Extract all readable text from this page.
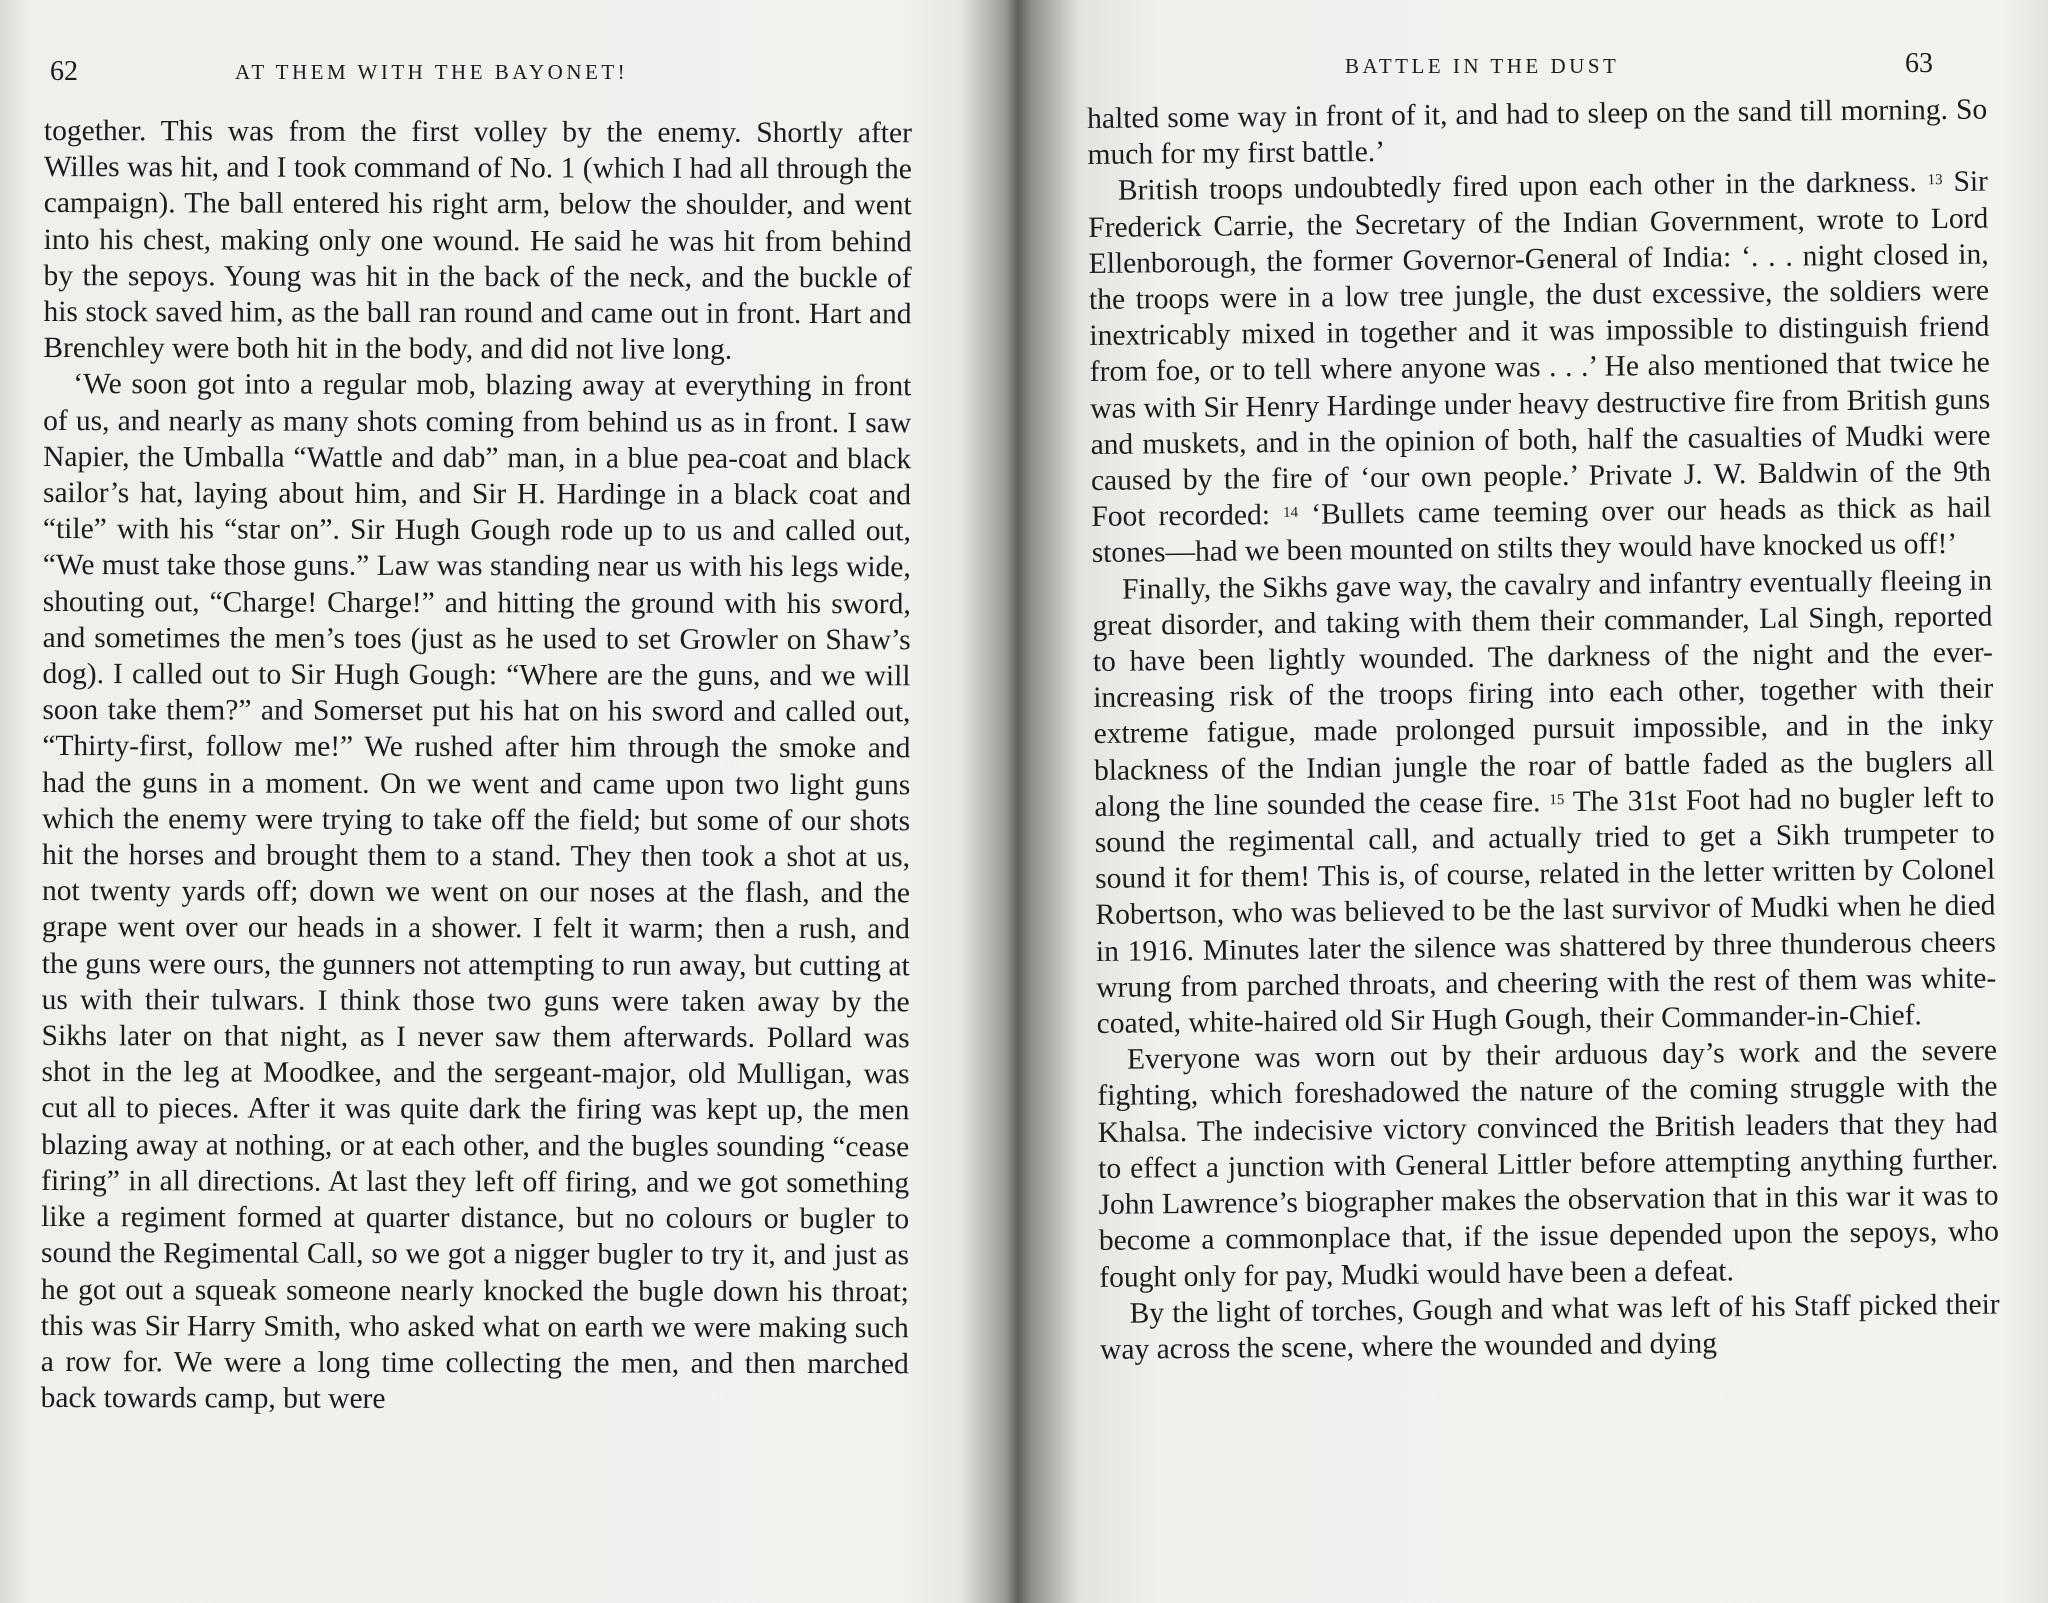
62	AT THEM WITH THE BAYONET!

together. This was from the first volley by the enemy. Shortly after Willes was hit, and I took command of No. 1 (which I had all through the campaign). The ball entered his right arm, below the shoulder, and went into his chest, making only one wound. He said he was hit from behind by the sepoys. Young was hit in the back of the neck, and the buckle of his stock saved him, as the ball ran round and came out in front. Hart and Brenchley were both hit in the body, and did not live long.

‘We soon got into a regular mob, blazing away at everything in front of us, and nearly as many shots coming from behind us as in front. I saw Napier, the Umballa “Wattle and dab” man, in a blue pea-coat and black sailor’s hat, laying about him, and Sir H. Hardinge in a black coat and “tile” with his “star on”. Sir Hugh Gough rode up to us and called out, “We must take those guns.” Law was standing near us with his legs wide, shouting out, “Charge! Charge!” and hitting the ground with his sword, and sometimes the men’s toes (just as he used to set Growler on Shaw’s dog). I called out to Sir Hugh Gough: “Where are the guns, and we will soon take them?” and Somerset put his hat on his sword and called out, “Thirty-first, follow me!” We rushed after him through the smoke and had the guns in a moment. On we went and came upon two light guns which the enemy were trying to take off the field; but some of our shots hit the horses and brought them to a stand. They then took a shot at us, not twenty yards off; down we went on our noses at the flash, and the grape went over our heads in a shower. I felt it warm; then a rush, and the guns were ours, the gunners not attempting to run away, but cutting at us with their tulwars. I think those two guns were taken away by the Sikhs later on that night, as I never saw them afterwards. Pollard was shot in the leg at Moodkee, and the sergeant-major, old Mulligan, was cut all to pieces. After it was quite dark the firing was kept up, the men blazing away at nothing, or at each other, and the bugles sounding “cease firing” in all directions. At last they left off firing, and we got something like a regiment formed at quarter distance, but no colours or bugler to sound the Regimental Call, so we got a nigger bugler to try it, and just as he got out a squeak someone nearly knocked the bugle down his throat; this was Sir Harry Smith, who asked what on earth we were making such a row for. We were a long time collecting the men, and then marched back towards camp, but were

BATTLE IN THE DUST	63

halted some way in front of it, and had to sleep on the sand till morning. So much for my first battle.’

British troops undoubtedly fired upon each other in the darkness. $^{13}$ Sir Frederick Carrie, the Secretary of the Indian Government, wrote to Lord Ellenborough, the former Governor-General of India: ‘. . . night closed in, the troops were in a low tree jungle, the dust excessive, the soldiers were inextricably mixed in together and it was impossible to distinguish friend from foe, or to tell where anyone was . . .’ He also mentioned that twice he was with Sir Henry Hardinge under heavy destructive fire from British guns and muskets, and in the opinion of both, half the casualties of Mudki were caused by the fire of ‘our own people.’ Private J. W. Baldwin of the 9th Foot recorded: $^{14}$ ‘Bullets came teeming over our heads as thick as hail stones—had we been mounted on stilts they would have knocked us off!’

Finally, the Sikhs gave way, the cavalry and infantry eventually fleeing in great disorder, and taking with them their commander, Lal Singh, reported to have been lightly wounded. The darkness of the night and the ever-increasing risk of the troops firing into each other, together with their extreme fatigue, made prolonged pursuit impossible, and in the inky blackness of the Indian jungle the roar of battle faded as the buglers all along the line sounded the cease fire. $^{15}$ The 31st Foot had no bugler left to sound the regimental call, and actually tried to get a Sikh trumpeter to sound it for them! This is, of course, related in the letter written by Colonel Robertson, who was believed to be the last survivor of Mudki when he died in 1916. Minutes later the silence was shattered by three thunderous cheers wrung from parched throats, and cheering with the rest of them was white-coated, white-haired old Sir Hugh Gough, their Commander-in-Chief.

Everyone was worn out by their arduous day’s work and the severe fighting, which foreshadowed the nature of the coming struggle with the Khalsa. The indecisive victory convinced the British leaders that they had to effect a junction with General Littler before attempting anything further. John Lawrence’s biographer makes the observation that in this war it was to become a commonplace that, if the issue depended upon the sepoys, who fought only for pay, Mudki would have been a defeat.

By the light of torches, Gough and what was left of his Staff picked their way across the scene, where the wounded and dying
